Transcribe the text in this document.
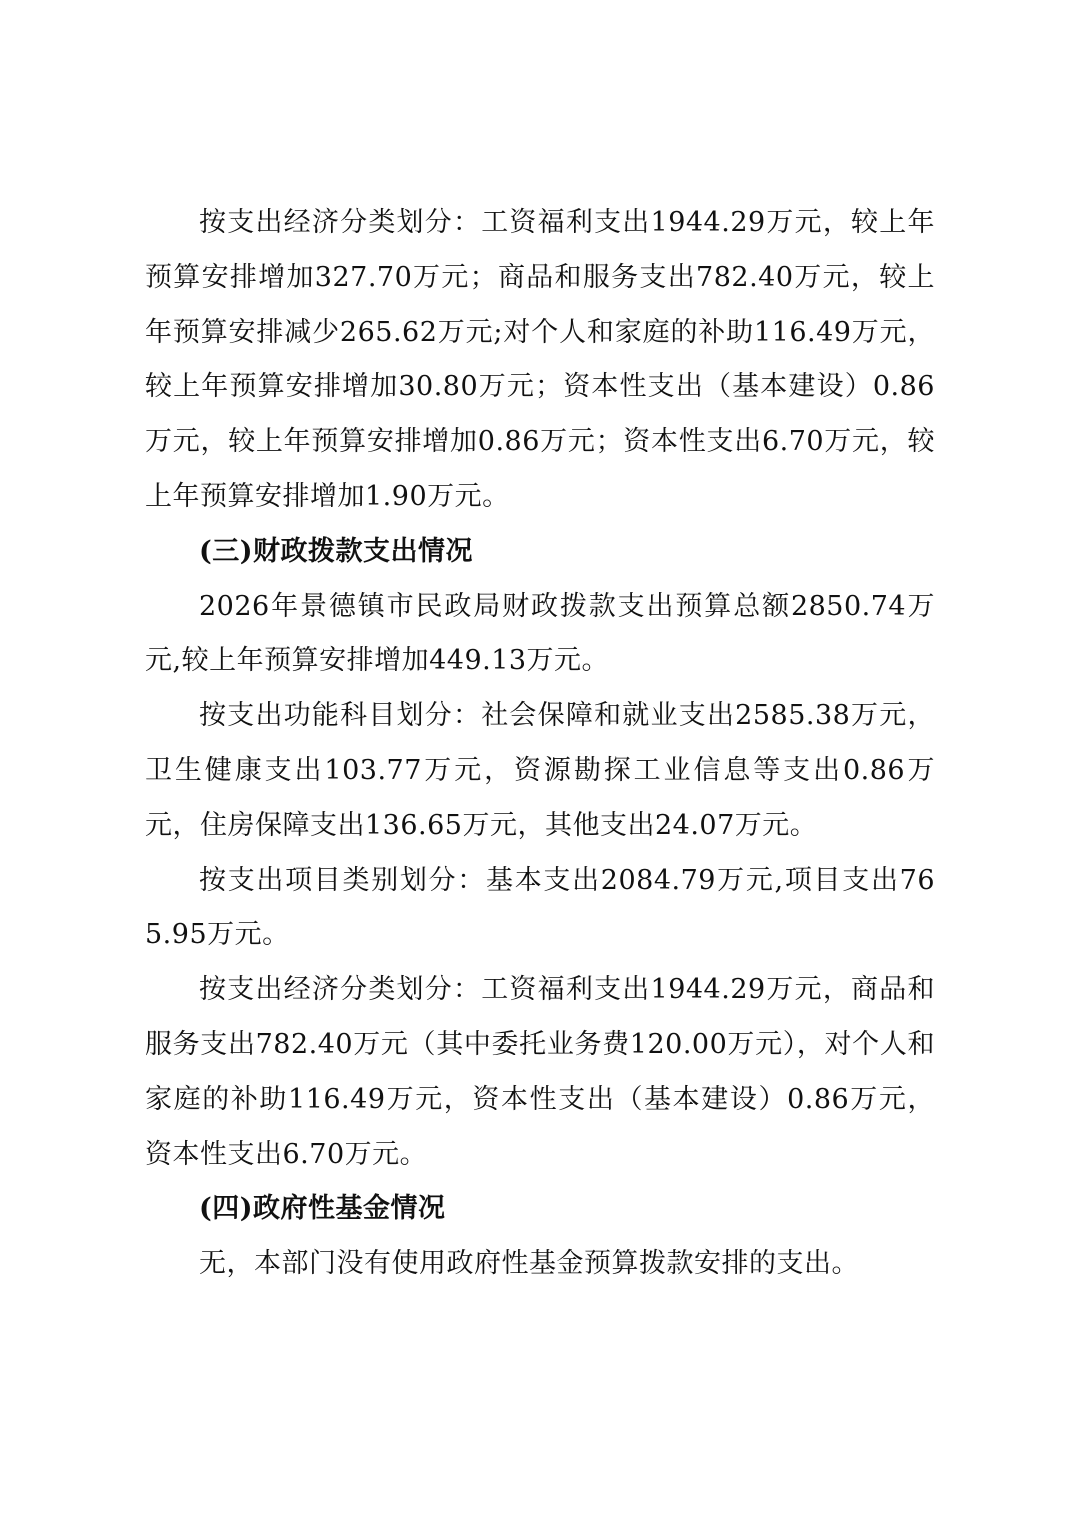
按支出经济分类划分：工资福利支出1944.29万元，较上年预算安排增加327.70万元；商品和服务支出782.40万元，较上年预算安排减少265.62万元;对个人和家庭的补助116.49万元，较上年预算安排增加30.80万元；资本性支出（基本建设）0.86万元，较上年预算安排增加0.86万元；资本性支出6.70万元，较上年预算安排增加1.90万元。

(三)财政拨款支出情况

2026年景德镇市民政局财政拨款支出预算总额2850.74万元,较上年预算安排增加449.13万元。

按支出功能科目划分：社会保障和就业支出2585.38万元，卫生健康支出103.77万元，资源勘探工业信息等支出0.86万元，住房保障支出136.65万元，其他支出24.07万元。

按支出项目类别划分：基本支出2084.79万元,项目支出765.95万元。

按支出经济分类划分：工资福利支出1944.29万元，商品和服务支出782.40万元（其中委托业务费120.00万元），对个人和家庭的补助116.49万元，资本性支出（基本建设）0.86万元，资本性支出6.70万元。

(四)政府性基金情况

无，本部门没有使用政府性基金预算拨款安排的支出。
